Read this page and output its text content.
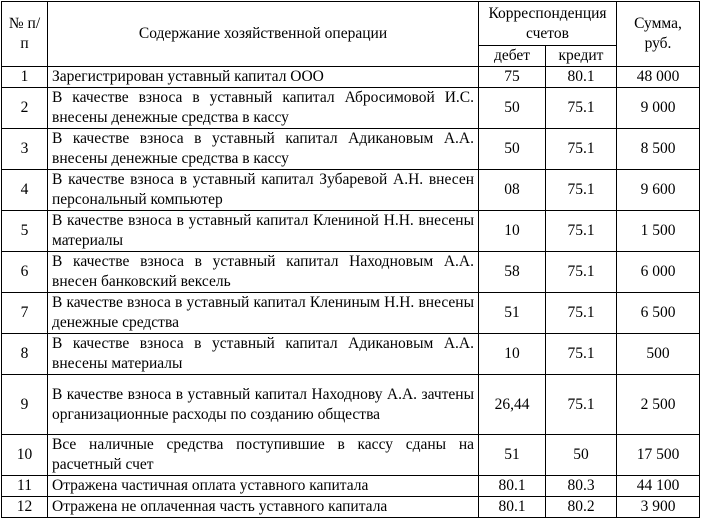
№ п/п	Содержание хозяйственной операции	Корреспонденция счетов		Сумма, руб.
		дебет	кредит	
1	Зарегистрирован уставный капитал ООО	75	80.1	48 000
2	В качестве взноса в уставный капитал Абросимовой И.С. внесены денежные средства в кассу	50	75.1	9 000
3	В качестве взноса в уставный капитал Адикановым А.А. внесены денежные средства в кассу	50	75.1	8 500
4	В качестве взноса в уставный капитал Зубаревой А.Н. внесен персональный компьютер	08	75.1	9 600
5	В качестве взноса в уставный капитал Клениной Н.Н. внесены материалы	10	75.1	1 500
6	В качестве взноса в уставный капитал Находновым А.А. внесен банковский вексель	58	75.1	6 000
7	В качестве взноса в уставный капитал Клениным Н.Н. внесены денежные средства	51	75.1	6 500
8	В качестве взноса в уставный капитал Адикановым А.А. внесены материалы	10	75.1	500
9	В качестве взноса в уставный капитал Находнову А.А. зачтены организационные расходы по созданию общества	26,44	75.1	2 500
10	Все наличные средства поступившие в кассу сданы на расчетный счет	51	50	17 500
11	Отражена частичная оплата уставного капитала	80.1	80.3	44 100
12	Отражена не оплаченная часть уставного капитала	80.1	80.2	3 900
